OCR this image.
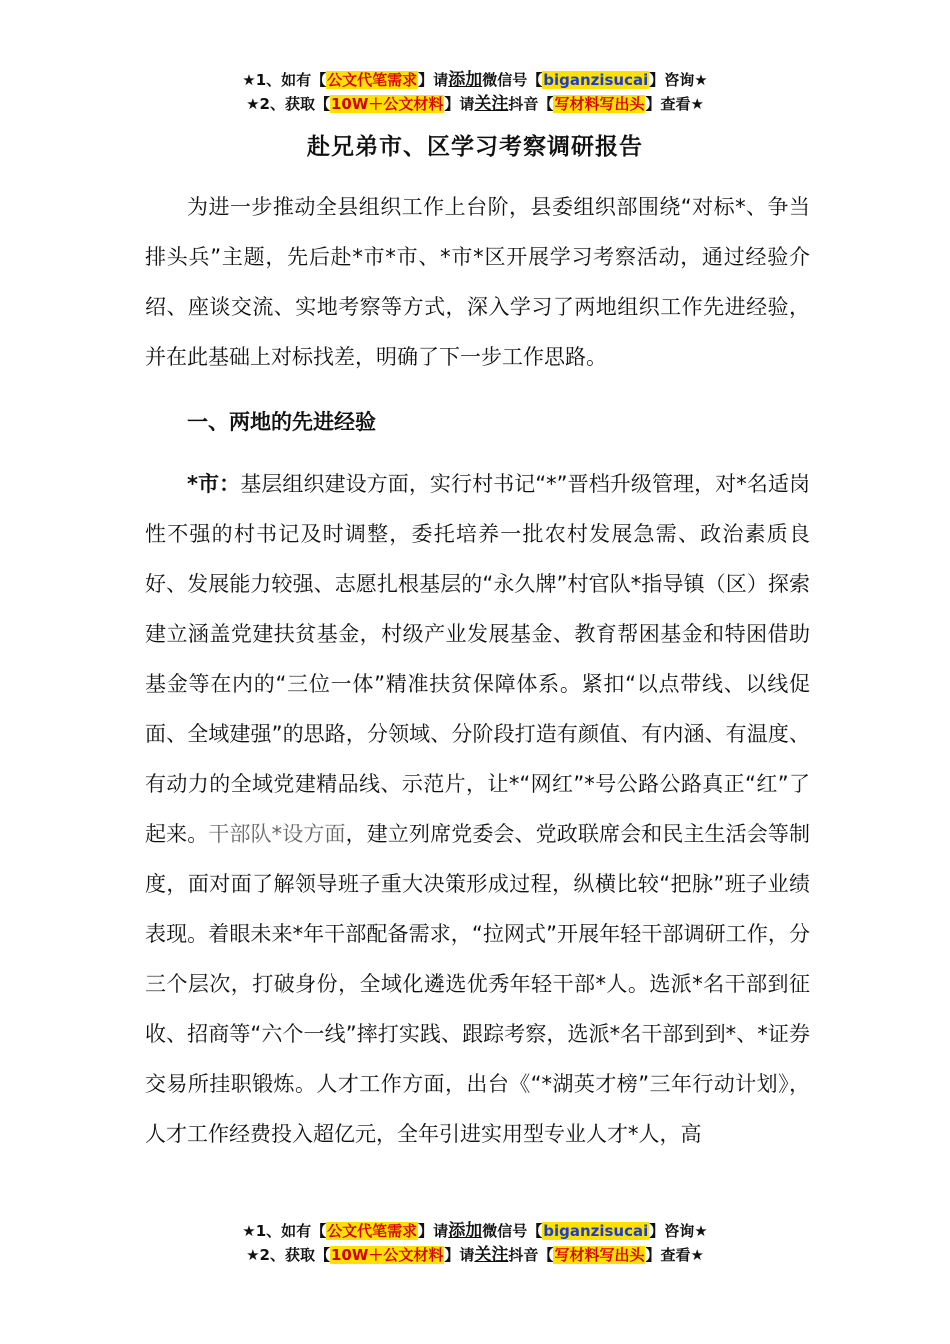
★1、如有【公文代笔需求】请添加微信号【biganzisucai】咨询★
★2、获取【10W＋公文材料】请关注抖音【写材料写出头】查看★
赴兄弟市、区学习考察调研报告

为进一步推动全县组织工作上台阶，县委组织部围绕“对标*、争当排头兵”主题，先后赴*市*市、*市*区开展学习考察活动，通过经验介绍、座谈交流、实地考察等方式，深入学习了两地组织工作先进经验，并在此基础上对标找差，明确了下一步工作思路。

一、两地的先进经验

*市：基层组织建设方面，实行村书记“*”晋档升级管理，对*名适岗性不强的村书记及时调整，委托培养一批农村发展急需、政治素质良好、发展能力较强、志愿扎根基层的“永久牌”村官队*指导镇（区）探索建立涵盖党建扶贫基金，村级产业发展基金、教育帮困基金和特困借助基金等在内的“三位一体”精准扶贫保障体系。紧扣“以点带线、以线促面、全域建强”的思路，分领域、分阶段打造有颜值、有内涵、有温度、有动力的全域党建精品线、示范片，让*“网红”*号公路公路真正“红”了起来。干部队*设方面，建立列席党委会、党政联席会和民主生活会等制度，面对面了解领导班子重大决策形成过程，纵横比较“把脉”班子业绩表现。着眼未来*年干部配备需求，“拉网式”开展年轻干部调研工作，分三个层次，打破身份，全域化遴选优秀年轻干部*人。选派*名干部到征收、招商等“六个一线”摔打实践、跟踪考察，选派*名干部到到*、*证券交易所挂职锻炼。人才工作方面，出台《“*湖英才榜”三年行动计划》，人才工作经费投入超亿元，全年引进实用型专业人才*人，高

★1、如有【公文代笔需求】请添加微信号【biganzisucai】咨询★
★2、获取【10W＋公文材料】请关注抖音【写材料写出头】查看★
